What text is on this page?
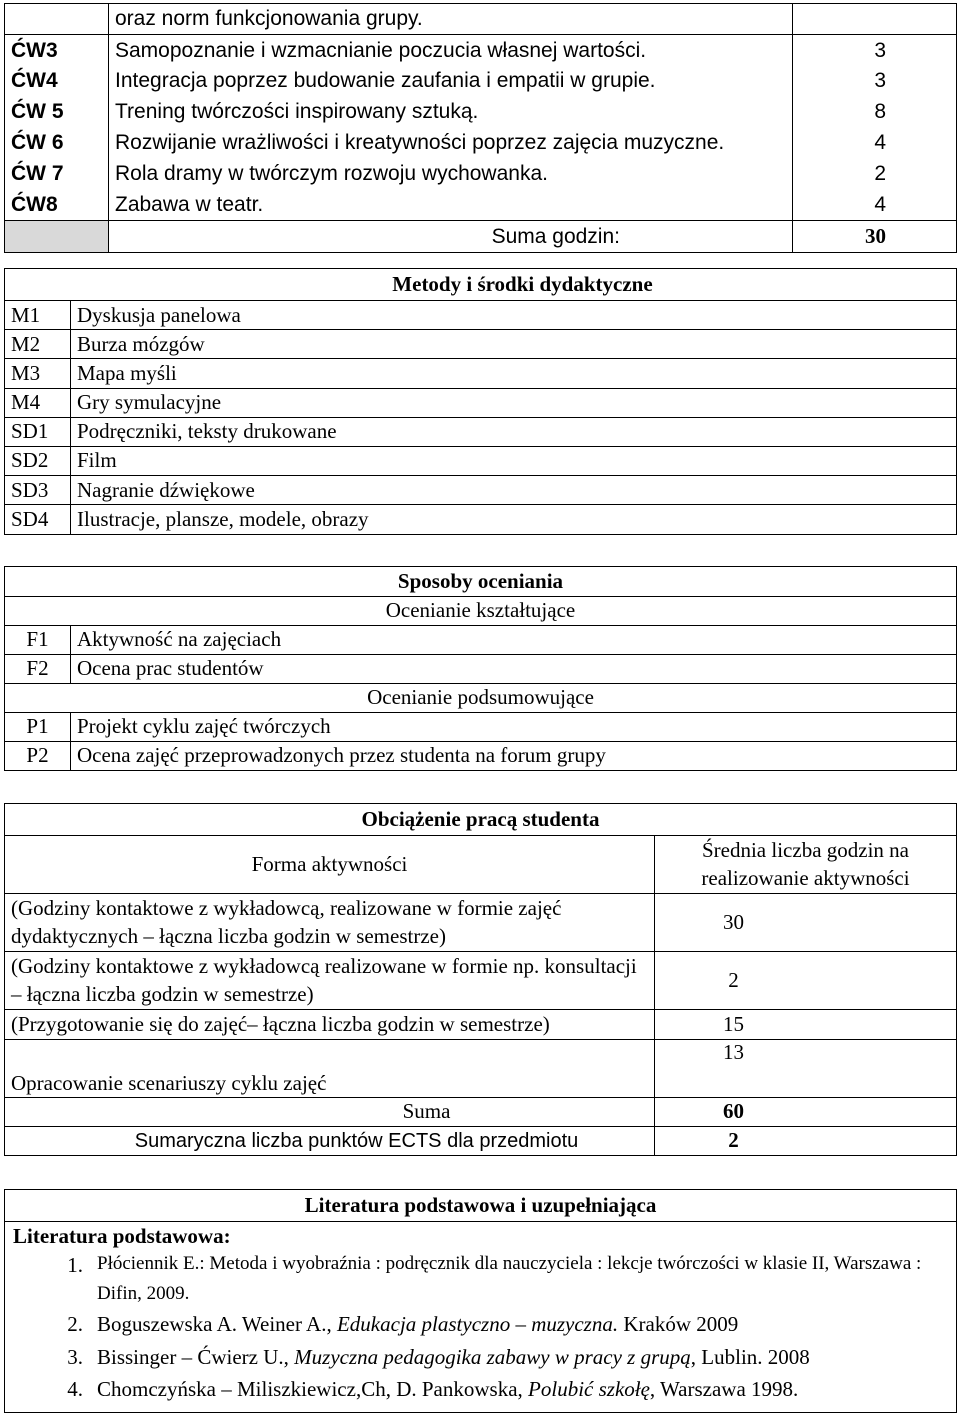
	oraz norm funkcjonowania grupy.	
ĆW3	Samopoznanie i wzmacnianie poczucia własnej wartości.	3
ĆW4	Integracja poprzez budowanie zaufania i empatii w grupie.	3
ĆW 5	Trening twórczości inspirowany sztuką.	8
ĆW 6	Rozwijanie wrażliwości i kreatywności poprzez zajęcia muzyczne.	4
ĆW 7	Rola dramy w twórczym rozwoju wychowanka.	2
ĆW8	Zabawa w teatr.	4
	Suma godzin:	30
Metody i środki dydaktyczne	
M1	Dyskusja panelowa
M2	Burza mózgów
M3	Mapa myśli
M4	Gry symulacyjne
SD1	Podręczniki, teksty drukowane
SD2	Film
SD3	Nagranie dźwiękowe
SD4	Ilustracje, plansze, modele, obrazy
Sposoby oceniania	
Ocenianie kształtujące	
F1	Aktywność na zajęciach
F2	Ocena prac studentów
Ocenianie podsumowujące	
P1	Projekt cyklu zajęć twórczych
P2	Ocena zajęć przeprowadzonych przez studenta na forum grupy
Obciążenie pracą studenta	
Forma aktywności	Średnia liczba godzin na realizowanie aktywności
(Godziny kontaktowe z wykładowcą, realizowane w formie zajęć dydaktycznych – łączna liczba godzin w semestrze)	30
(Godziny kontaktowe z wykładowcą realizowane w formie np. konsultacji – łączna liczba godzin w semestrze)	2
(Przygotowanie się do zajęć– łączna liczba godzin w semestrze)	15
Opracowanie scenariuszy cyklu zajęć	13
Suma	60
Sumaryczna liczba punktów ECTS dla przedmiotu	2
Literatura podstawowa i uzupełniająca

Literatura podstawowa:
1. Płóciennik E.: Metoda i wyobraźnia : podręcznik dla nauczyciela : lekcje twórczości w klasie II, Warszawa : Difin, 2009.
2. Boguszewska A. Weiner A., Edukacja plastyczno – muzyczna. Kraków 2009
3. Bissinger – Ćwierz U., Muzyczna pedagogika zabawy w pracy z grupą, Lublin. 2008
4. Chomczyńska – Miliszkiewicz,Ch, D. Pankowska, Polubić szkołę, Warszawa 1998.
